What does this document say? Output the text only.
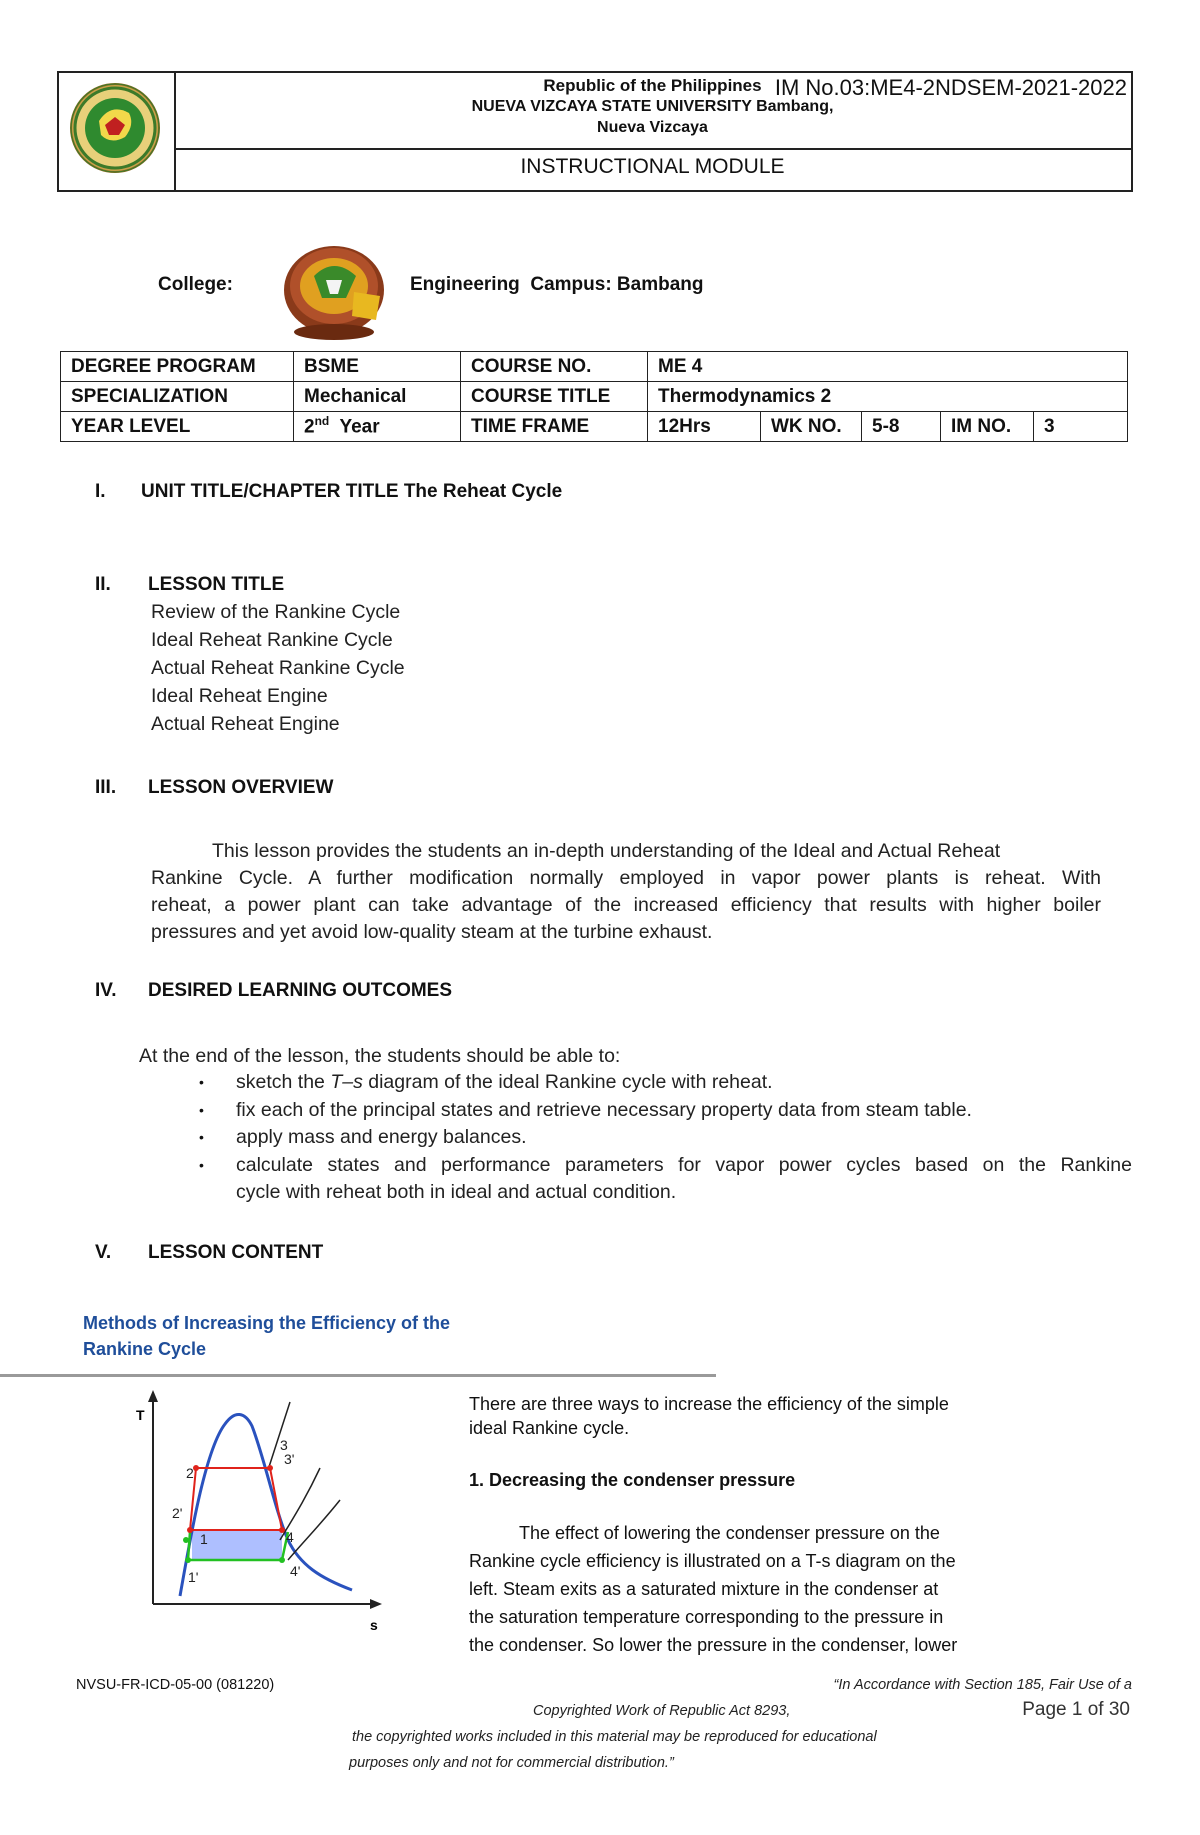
Republic of the Philippines IM No.03:ME4-2NDSEM-2021-2022
NUEVA VIZCAYA STATE UNIVERSITY Bambang,
Nueva Vizcaya
INSTRUCTIONAL MODULE
College:	Engineering Campus: Bambang
DEGREE PROGRAM	BSME	COURSE NO.	ME 4				
SPECIALIZATION	Mechanical	COURSE TITLE	Thermodynamics 2				
YEAR LEVEL	2nd Year	TIME FRAME	12Hrs	WK NO.	5-8	IM NO.	3
I. UNIT TITLE/CHAPTER TITLE The Reheat Cycle
II. LESSON TITLE
Review of the Rankine Cycle
Ideal Reheat Rankine Cycle
Actual Reheat Rankine Cycle
Ideal Reheat Engine
Actual Reheat Engine
III. LESSON OVERVIEW
This lesson provides the students an in-depth understanding of the Ideal and Actual Reheat
Rankine Cycle. A further modification normally employed in vapor power plants is reheat. With
reheat, a power plant can take advantage of the increased efficiency that results with higher boiler
pressures and yet avoid low-quality steam at the turbine exhaust.
IV. DESIRED LEARNING OUTCOMES
At the end of the lesson, the students should be able to:
• sketch the T–s diagram of the ideal Rankine cycle with reheat.
• fix each of the principal states and retrieve necessary property data from steam table.
• apply mass and energy balances.
• calculate states and performance parameters for vapor power cycles based on the Rankine
cycle with reheat both in ideal and actual condition.
V. LESSON CONTENT
Methods of Increasing the Efficiency of the
Rankine Cycle
T
s
1
1'
2
2'
3
3'
4
4'
There are three ways to increase the efficiency of the simple
ideal Rankine cycle.
1. Decreasing the condenser pressure
The effect of lowering the condenser pressure on the
Rankine cycle efficiency is illustrated on a T-s diagram on the
left. Steam exits as a saturated mixture in the condenser at
the saturation temperature corresponding to the pressure in
the condenser. So lower the pressure in the condenser, lower
NVSU-FR-ICD-05-00 (081220)	“In Accordance with Section 185, Fair Use of a
Copyrighted Work of Republic Act 8293,	Page 1 of 30
the copyrighted works included in this material may be reproduced for educational
purposes only and not for commercial distribution.”
